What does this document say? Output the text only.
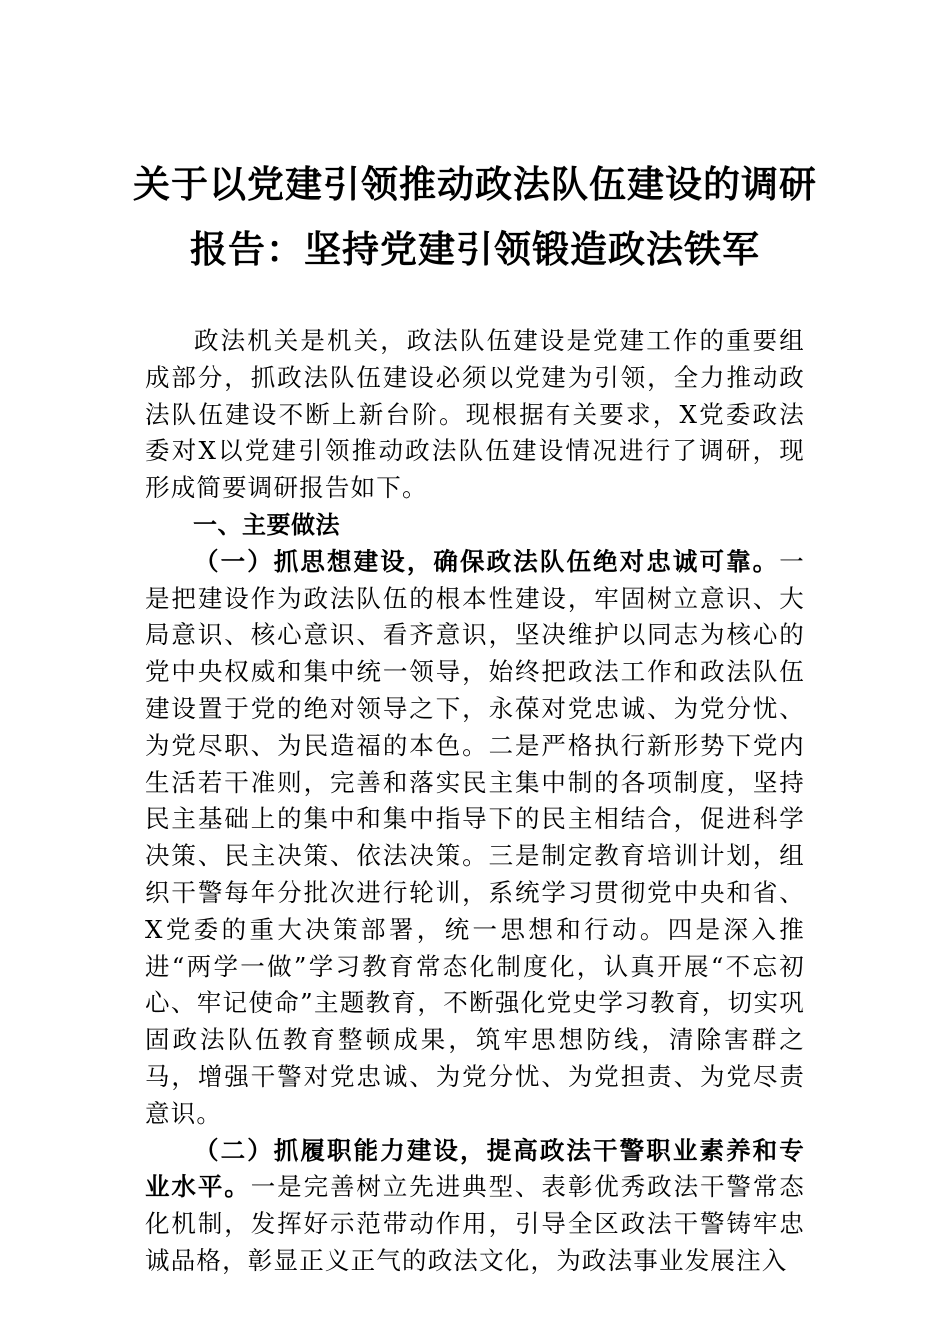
关于以党建引领推动政法队伍建设的调研
报告：坚持党建引领锻造政法铁军

政法机关是机关，政法队伍建设是党建工作的重要组成部分，抓政法队伍建设必须以党建为引领，全力推动政法队伍建设不断上新台阶。现根据有关要求，X党委政法委对X以党建引领推动政法队伍建设情况进行了调研，现形成简要调研报告如下。

一、主要做法

（一）抓思想建设，确保政法队伍绝对忠诚可靠。一是把建设作为政法队伍的根本性建设，牢固树立意识、大局意识、核心意识、看齐意识，坚决维护以同志为核心的党中央权威和集中统一领导，始终把政法工作和政法队伍建设置于党的绝对领导之下，永葆对党忠诚、为党分忧、为党尽职、为民造福的本色。二是严格执行新形势下党内生活若干准则，完善和落实民主集中制的各项制度，坚持民主基础上的集中和集中指导下的民主相结合，促进科学决策、民主决策、依法决策。三是制定教育培训计划，组织干警每年分批次进行轮训，系统学习贯彻党中央和省、X党委的重大决策部署，统一思想和行动。四是深入推进“两学一做”学习教育常态化制度化，认真开展“不忘初心、牢记使命”主题教育，不断强化党史学习教育，切实巩固政法队伍教育整顿成果，筑牢思想防线，清除害群之马，增强干警对党忠诚、为党分忧、为党担责、为党尽责意识。

（二）抓履职能力建设，提高政法干警职业素养和专业水平。一是完善树立先进典型、表彰优秀政法干警常态化机制，发挥好示范带动作用，引导全区政法干警铸牢忠诚品格，彰显正义正气的政法文化，为政法事业发展注入
